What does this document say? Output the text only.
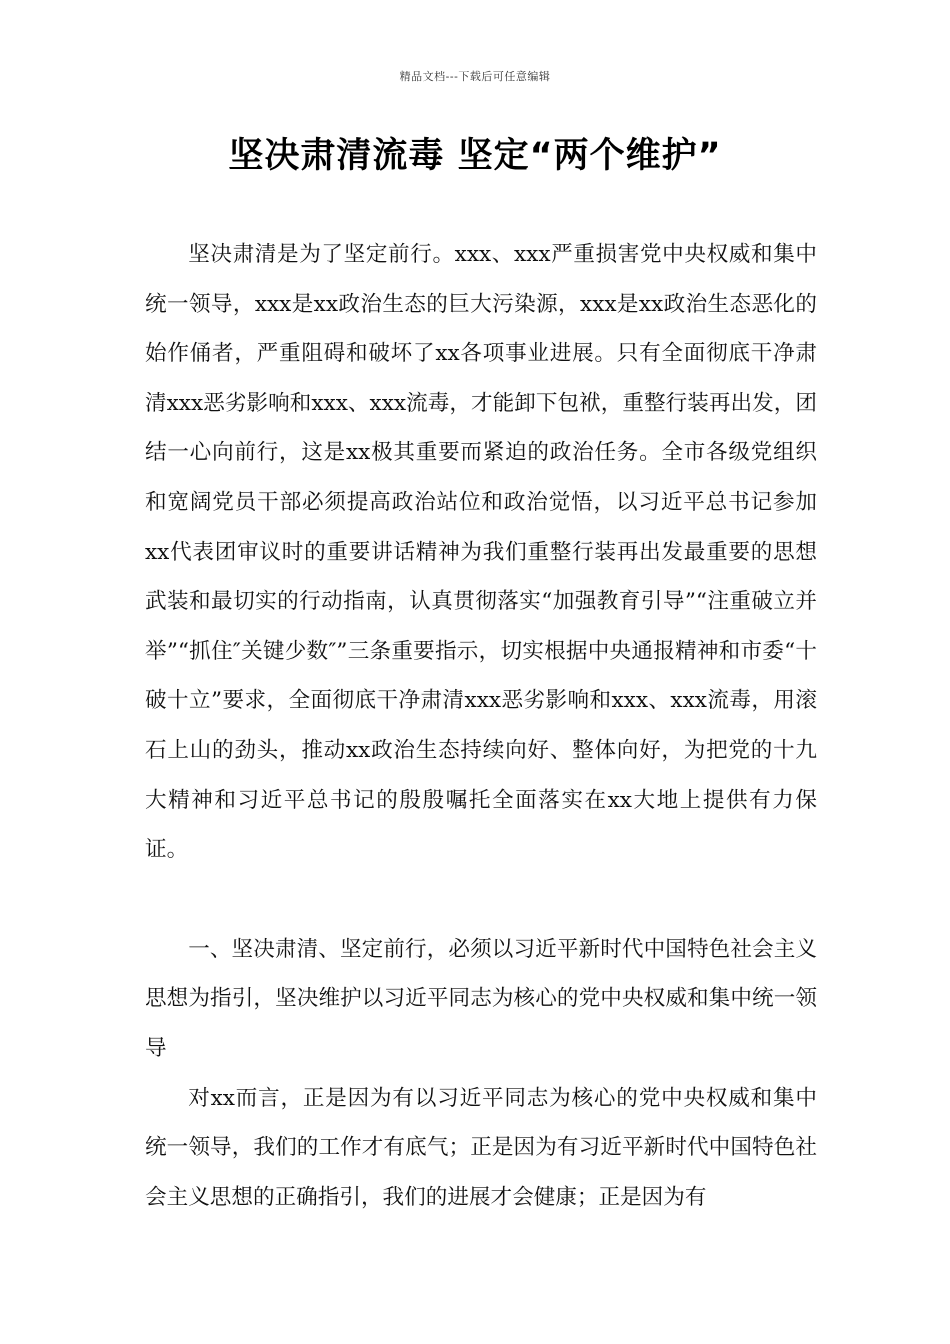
精品文档---下载后可任意编辑
坚决肃清流毒 坚定“两个维护”

坚决肃清是为了坚定前行。xxx、xxx严重损害党中央权威和集中统一领导，xxx是xx政治生态的巨大污染源，xxx是xx政治生态恶化的始作俑者，严重阻碍和破坏了xx各项事业进展。只有全面彻底干净肃清xxx恶劣影响和xxx、xxx流毒，才能卸下包袱，重整行装再出发，团结一心向前行，这是xx极其重要而紧迫的政治任务。全市各级党组织和宽阔党员干部必须提高政治站位和政治觉悟，以习近平总书记参加xx代表团审议时的重要讲话精神为我们重整行装再出发最重要的思想武装和最切实的行动指南，认真贯彻落实“加强教育引导”“注重破立并举”“抓住″关键少数″”三条重要指示，切实根据中央通报精神和市委“十破十立”要求，全面彻底干净肃清xxx恶劣影响和xxx、xxx流毒，用滚石上山的劲头，推动xx政治生态持续向好、整体向好，为把党的十九大精神和习近平总书记的殷殷嘱托全面落实在xx大地上提供有力保证。

一、坚决肃清、坚定前行，必须以习近平新时代中国特色社会主义思想为指引，坚决维护以习近平同志为核心的党中央权威和集中统一领导

对xx而言，正是因为有以习近平同志为核心的党中央权威和集中统一领导，我们的工作才有底气；正是因为有习近平新时代中国特色社会主义思想的正确指引，我们的进展才会健康；正是因为有
